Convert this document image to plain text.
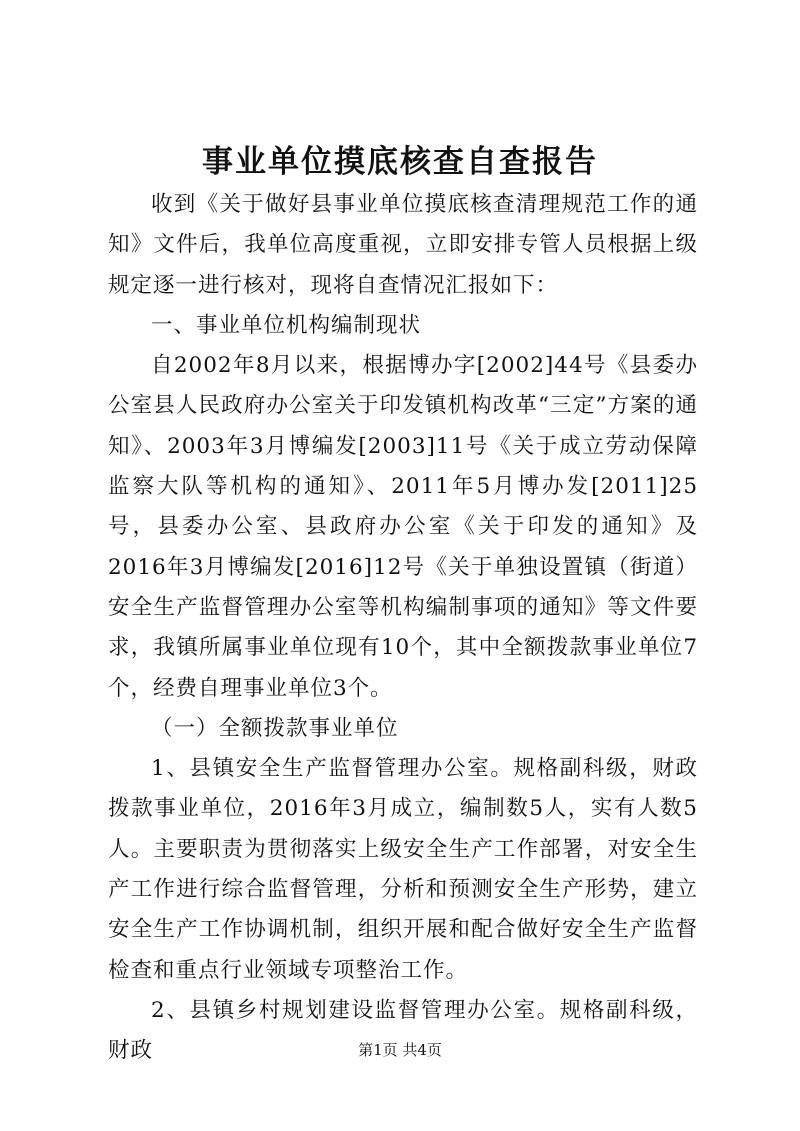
事业单位摸底核查自查报告

收到《关于做好县事业单位摸底核查清理规范工作的通知》文件后，我单位高度重视，立即安排专管人员根据上级规定逐一进行核对，现将自查情况汇报如下：

一、事业单位机构编制现状

自2002年8月以来，根据博办字[2002]44号《县委办公室县人民政府办公室关于印发镇机构改革“三定”方案的通知》、2003年3月博编发[2003]11号《关于成立劳动保障监察大队等机构的通知》、2011年5月博办发[2011]25号，县委办公室、县政府办公室《关于印发的通知》及2016年3月博编发[2016]12号《关于单独设置镇（街道）安全生产监督管理办公室等机构编制事项的通知》等文件要求，我镇所属事业单位现有10个，其中全额拨款事业单位7个，经费自理事业单位3个。

（一）全额拨款事业单位

1、县镇安全生产监督管理办公室。规格副科级，财政拨款事业单位，2016年3月成立，编制数5人，实有人数5人。主要职责为贯彻落实上级安全生产工作部署，对安全生产工作进行综合监督管理，分析和预测安全生产形势，建立安全生产工作协调机制，组织开展和配合做好安全生产监督检查和重点行业领域专项整治工作。

2、县镇乡村规划建设监督管理办公室。规格副科级，财政	第1页 共4页
